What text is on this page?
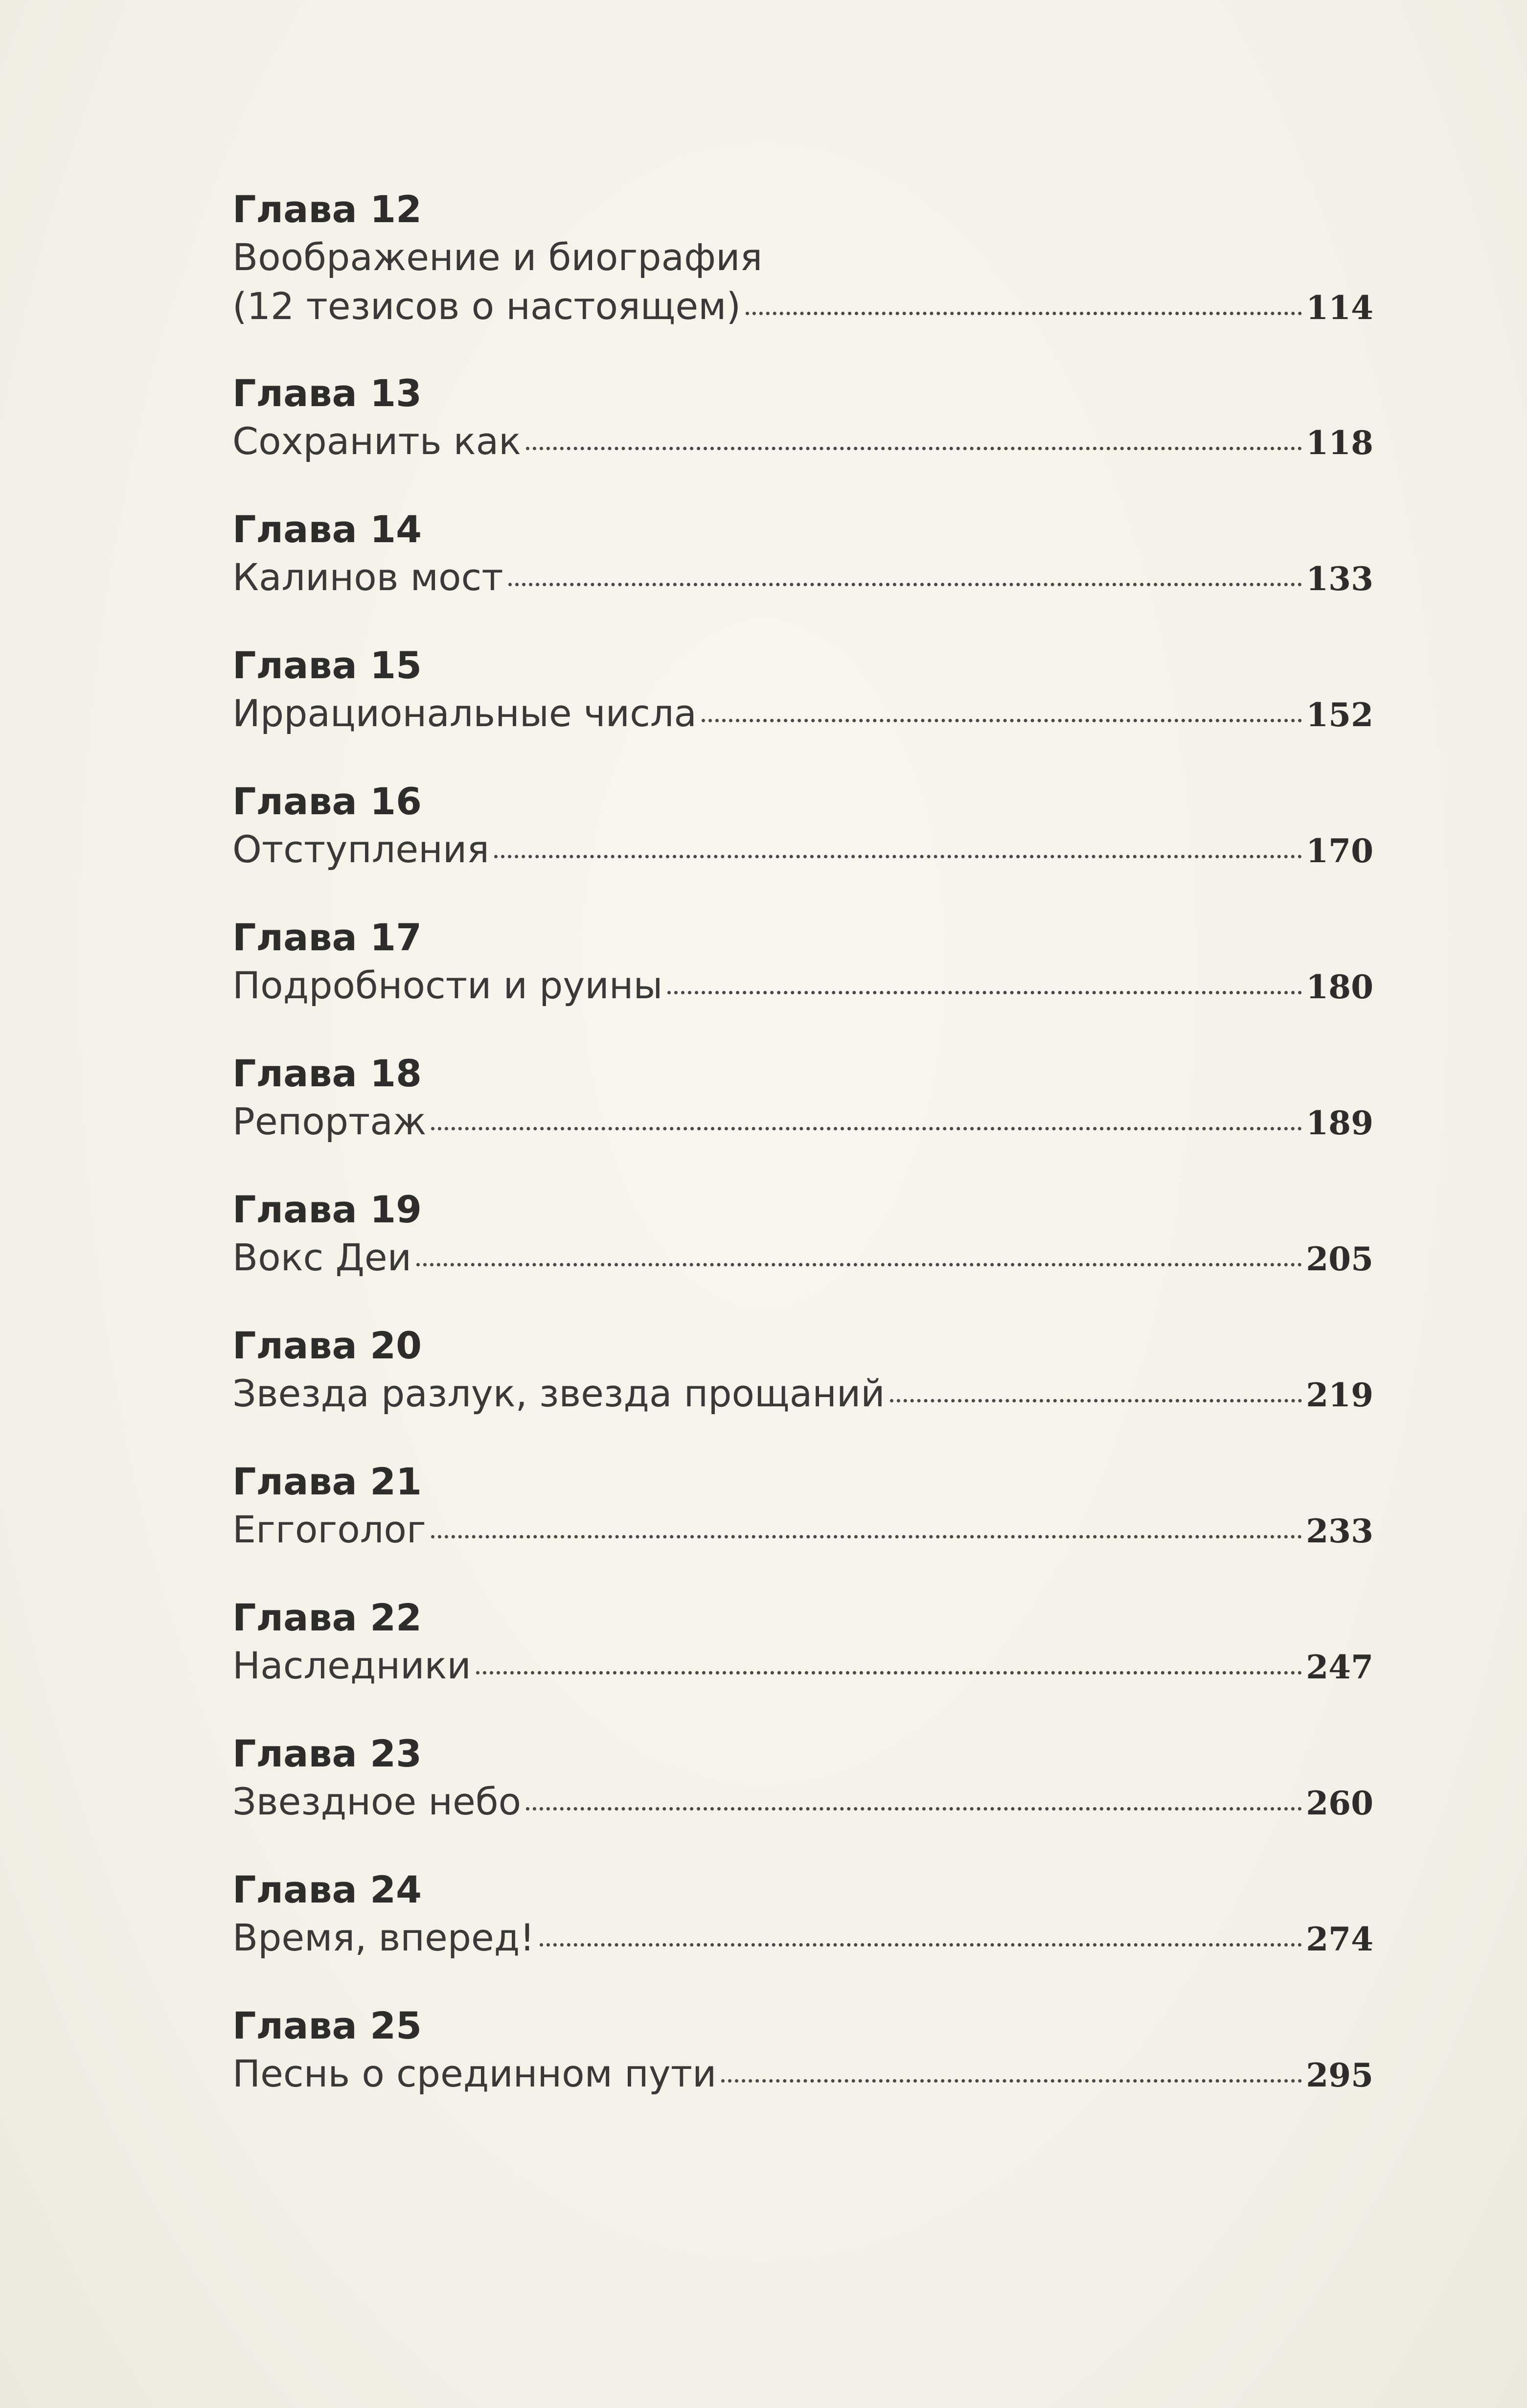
Глава 12
Воображение и биография
(12 тезисов о настоящем)	114
Глава 13
Сохранить как	118
Глава 14
Калинов мост	133
Глава 15
Иррациональные числа	152
Глава 16
Отступления	170
Глава 17
Подробности и руины	180
Глава 18
Репортаж	189
Глава 19
Вокс Деи	205
Глава 20
Звезда разлук, звезда прощаний	219
Глава 21
Еггоголог	233
Глава 22
Наследники	247
Глава 23
Звездное небо	260
Глава 24
Время, вперед!	274
Глава 25
Песнь о срединном пути	295
